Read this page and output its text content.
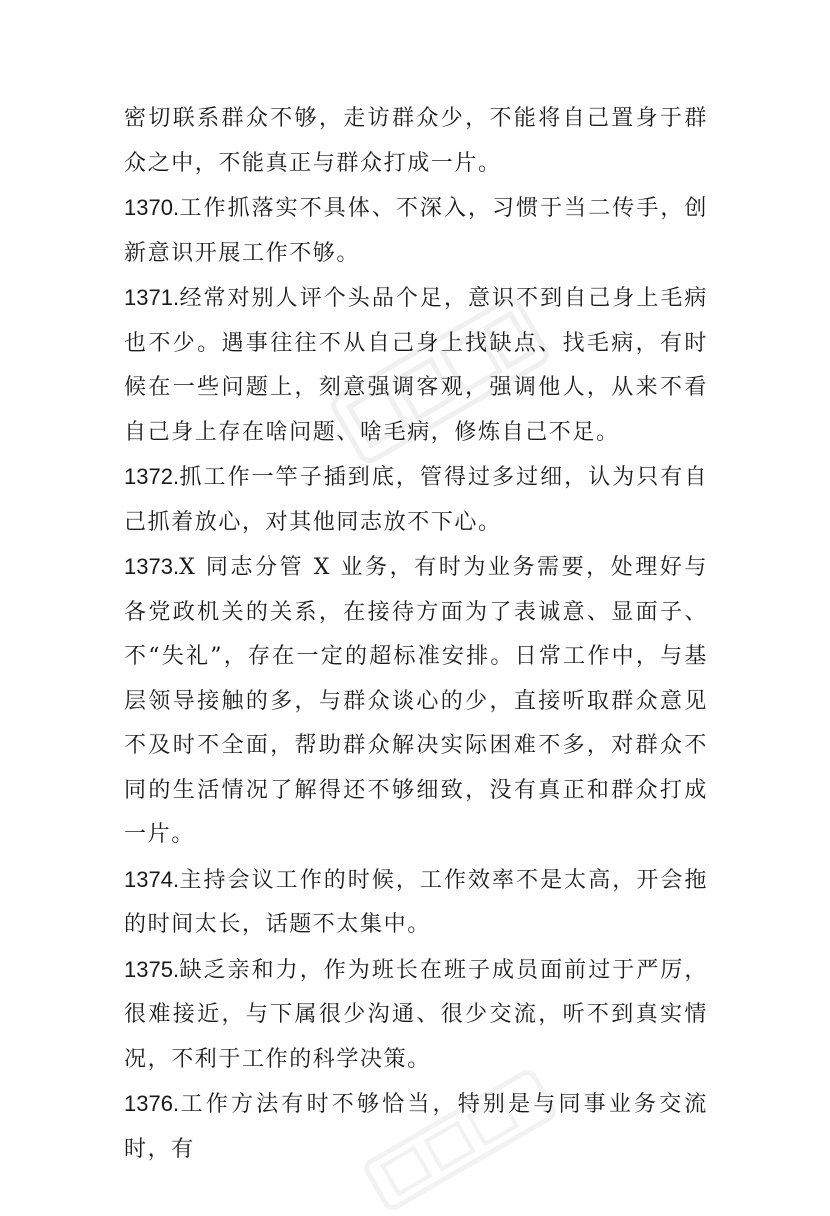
密切联系群众不够，走访群众少，不能将自己置身于群众之中，不能真正与群众打成一片。

1370.工作抓落实不具体、不深入，习惯于当二传手，创新意识开展工作不够。

1371.经常对别人评个头品个足，意识不到自己身上毛病也不少。遇事往往不从自己身上找缺点、找毛病，有时候在一些问题上，刻意强调客观，强调他人，从来不看自己身上存在啥问题、啥毛病，修炼自己不足。

1372.抓工作一竿子插到底，管得过多过细，认为只有自己抓着放心，对其他同志放不下心。

1373.X 同志分管 X 业务，有时为业务需要，处理好与各党政机关的关系，在接待方面为了表诚意、显面子、不“失礼”，存在一定的超标准安排。日常工作中，与基层领导接触的多，与群众谈心的少，直接听取群众意见不及时不全面，帮助群众解决实际困难不多，对群众不同的生活情况了解得还不够细致，没有真正和群众打成一片。

1374.主持会议工作的时候，工作效率不是太高，开会拖的时间太长，话题不太集中。

1375.缺乏亲和力，作为班长在班子成员面前过于严厉，很难接近，与下属很少沟通、很少交流，听不到真实情况，不利于工作的科学决策。

1376.工作方法有时不够恰当，特别是与同事业务交流时，有
